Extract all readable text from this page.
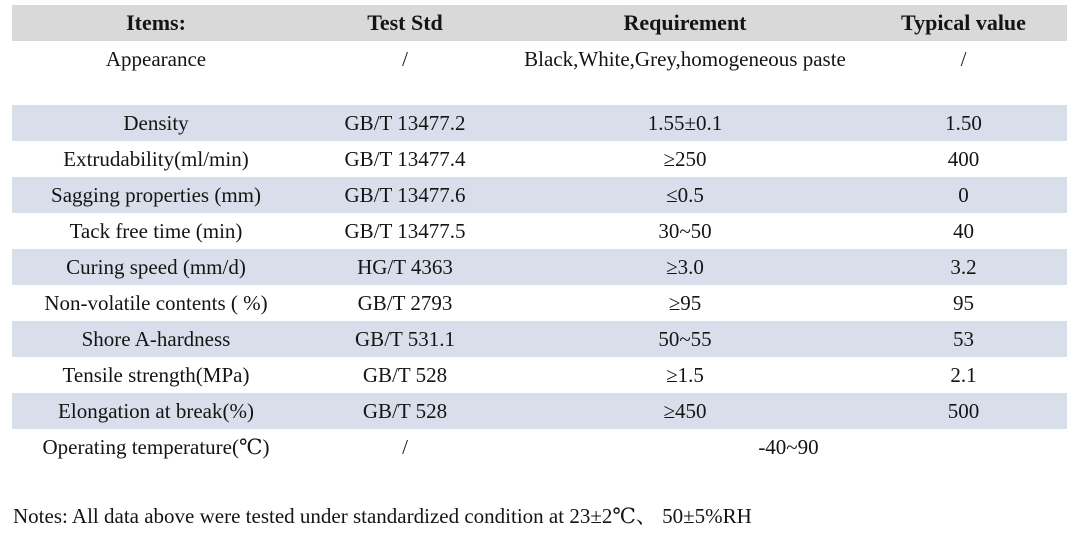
Items:	Test Std	Requirement	Typical value
Appearance	/	Black,White,Grey,homogeneous paste	/
Density	GB/T 13477.2	1.55±0.1	1.50
Extrudability(ml/min)	GB/T 13477.4	≥250	400
Sagging properties (mm)	GB/T 13477.6	≤0.5	0
Tack free time (min)	GB/T 13477.5	30~50	40
Curing speed (mm/d)	HG/T 4363	≥3.0	3.2
Non-volatile contents ( %)	GB/T 2793	≥95	95
Shore A-hardness	GB/T 531.1	50~55	53
Tensile strength(MPa)	GB/T 528	≥1.5	2.1
Elongation at break(%)	GB/T 528	≥450	500
Operating temperature(℃)	/	-40~90	
Notes: All data above were tested under standardized condition at 23±2℃、 50±5%RH
